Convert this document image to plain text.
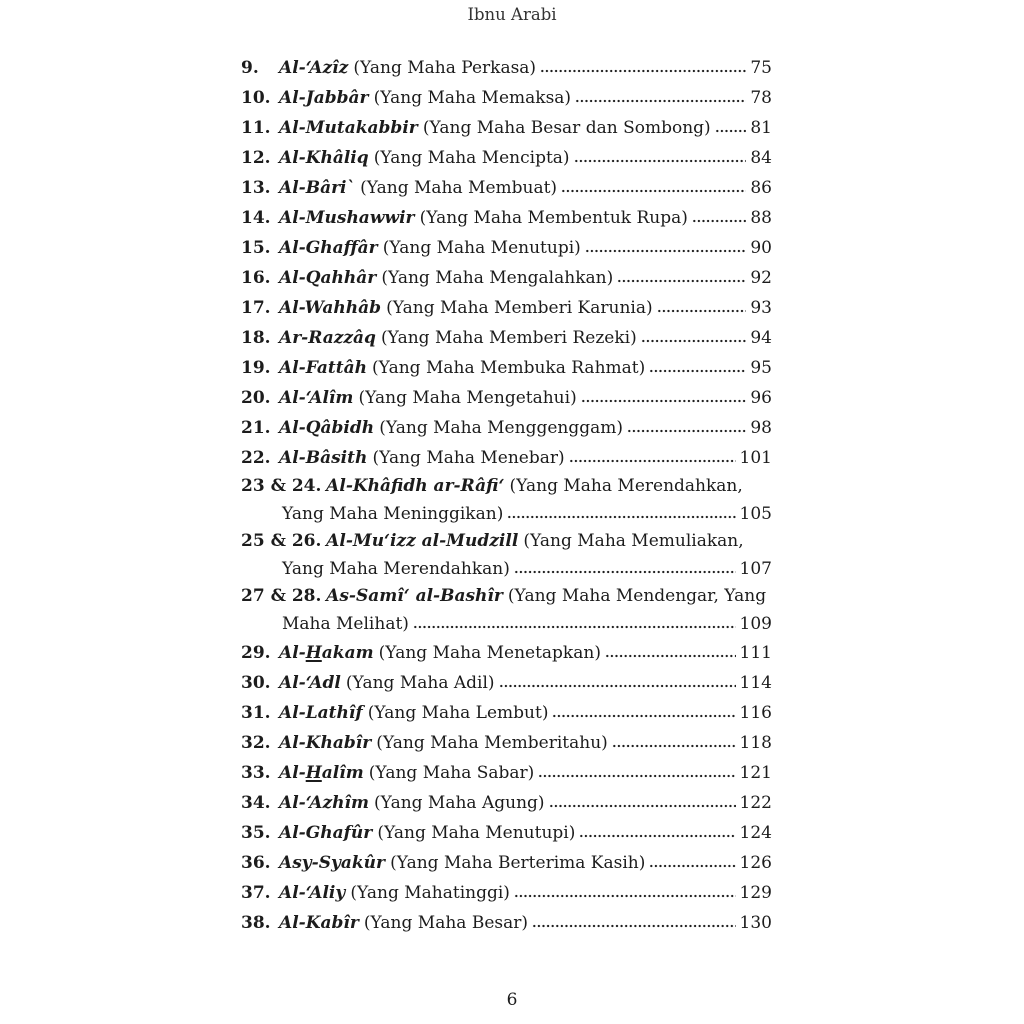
Ibnu Arabi
9.	Al-‘Azîz (Yang Maha Perkasa)	75
10. Al-Jabbâr (Yang Maha Memaksa)	78
11. Al-Mutakabbir (Yang Maha Besar dan Sombong) 81
12. Al-Khâliq (Yang Maha Mencipta)	84
13. Al-Bâri` (Yang Maha Membuat)	86
14. Al-Mushawwir (Yang Maha Membentuk Rupa)	88
15. Al-Ghaffâr (Yang Maha Menutupi)	90
16. Al-Qahhâr (Yang Maha Mengalahkan)	92
17. Al-Wahhâb (Yang Maha Memberi Karunia)	93
18. Ar-Razzâq (Yang Maha Memberi Rezeki)	94
19. Al-Fattâh (Yang Maha Membuka Rahmat)	95
20. Al-‘Alîm (Yang Maha Mengetahui)	96
21. Al-Qâbidh (Yang Maha Menggenggam)	98
22. Al-Bâsith (Yang Maha Menebar)	101
23 & 24. Al-Khâfidh ar-Râfi‘ (Yang Maha Merendahkan,
Yang Maha Meninggikan)	105
25 & 26. Al-Mu‘izz al-Mudzill (Yang Maha Memuliakan,
Yang Maha Merendahkan)	107
27 & 28. As-Samî‘ al-Bashîr (Yang Maha Mendengar, Yang
Maha Melihat)	109
29. Al-Hakam (Yang Maha Menetapkan)	111
30. Al-‘Adl (Yang Maha Adil)	114
31. Al-Lathîf (Yang Maha Lembut)	116
32. Al-Khabîr (Yang Maha Memberitahu)	118
33. Al-Halîm (Yang Maha Sabar)	121
34. Al-‘Azhîm (Yang Maha Agung)	122
35. Al-Ghafûr (Yang Maha Menutupi)	124
36. Asy-Syakûr (Yang Maha Berterima Kasih)	126
37. Al-‘Aliy (Yang Mahatinggi)	129
38. Al-Kabîr (Yang Maha Besar)	130
6
